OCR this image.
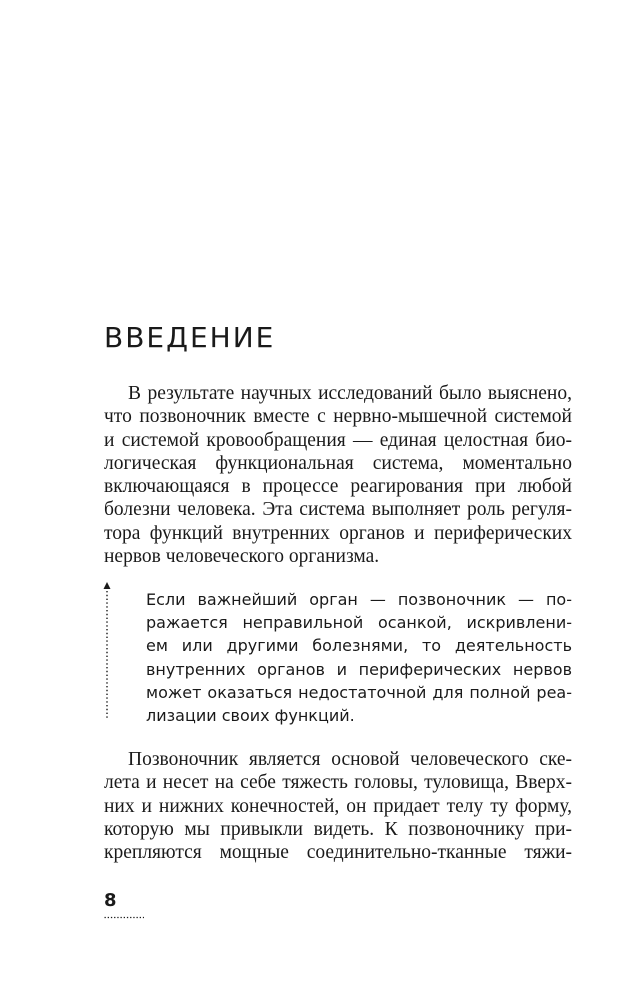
ВВЕДЕНИЕ
В результате научных исследований было выяснено,
что позвоночник вместе с нервно-мышечной системой
и системой кровообращения — единая целостная био-
логическая функциональная система, моментально
включающаяся в процессе реагирования при любой
болезни человека. Эта система выполняет роль регуля-
тора функций внутренних органов и периферических
нервов человеческого организма.
Если важнейший орган — позвоночник — по-
ражается неправильной осанкой, искривлени-
ем или другими болезнями, то деятельность
внутренних органов и периферических нервов
может оказаться недостаточной для полной реа-
лизации своих функций.
Позвоночник является основой человеческого ске-
лета и несет на себе тяжесть головы, туловища, Вверх-
них и нижних конечностей, он придает телу ту форму,
которую мы привыкли видеть. К позвоночнику при-
крепляются мощные соединительно-тканные тяжи-
8
